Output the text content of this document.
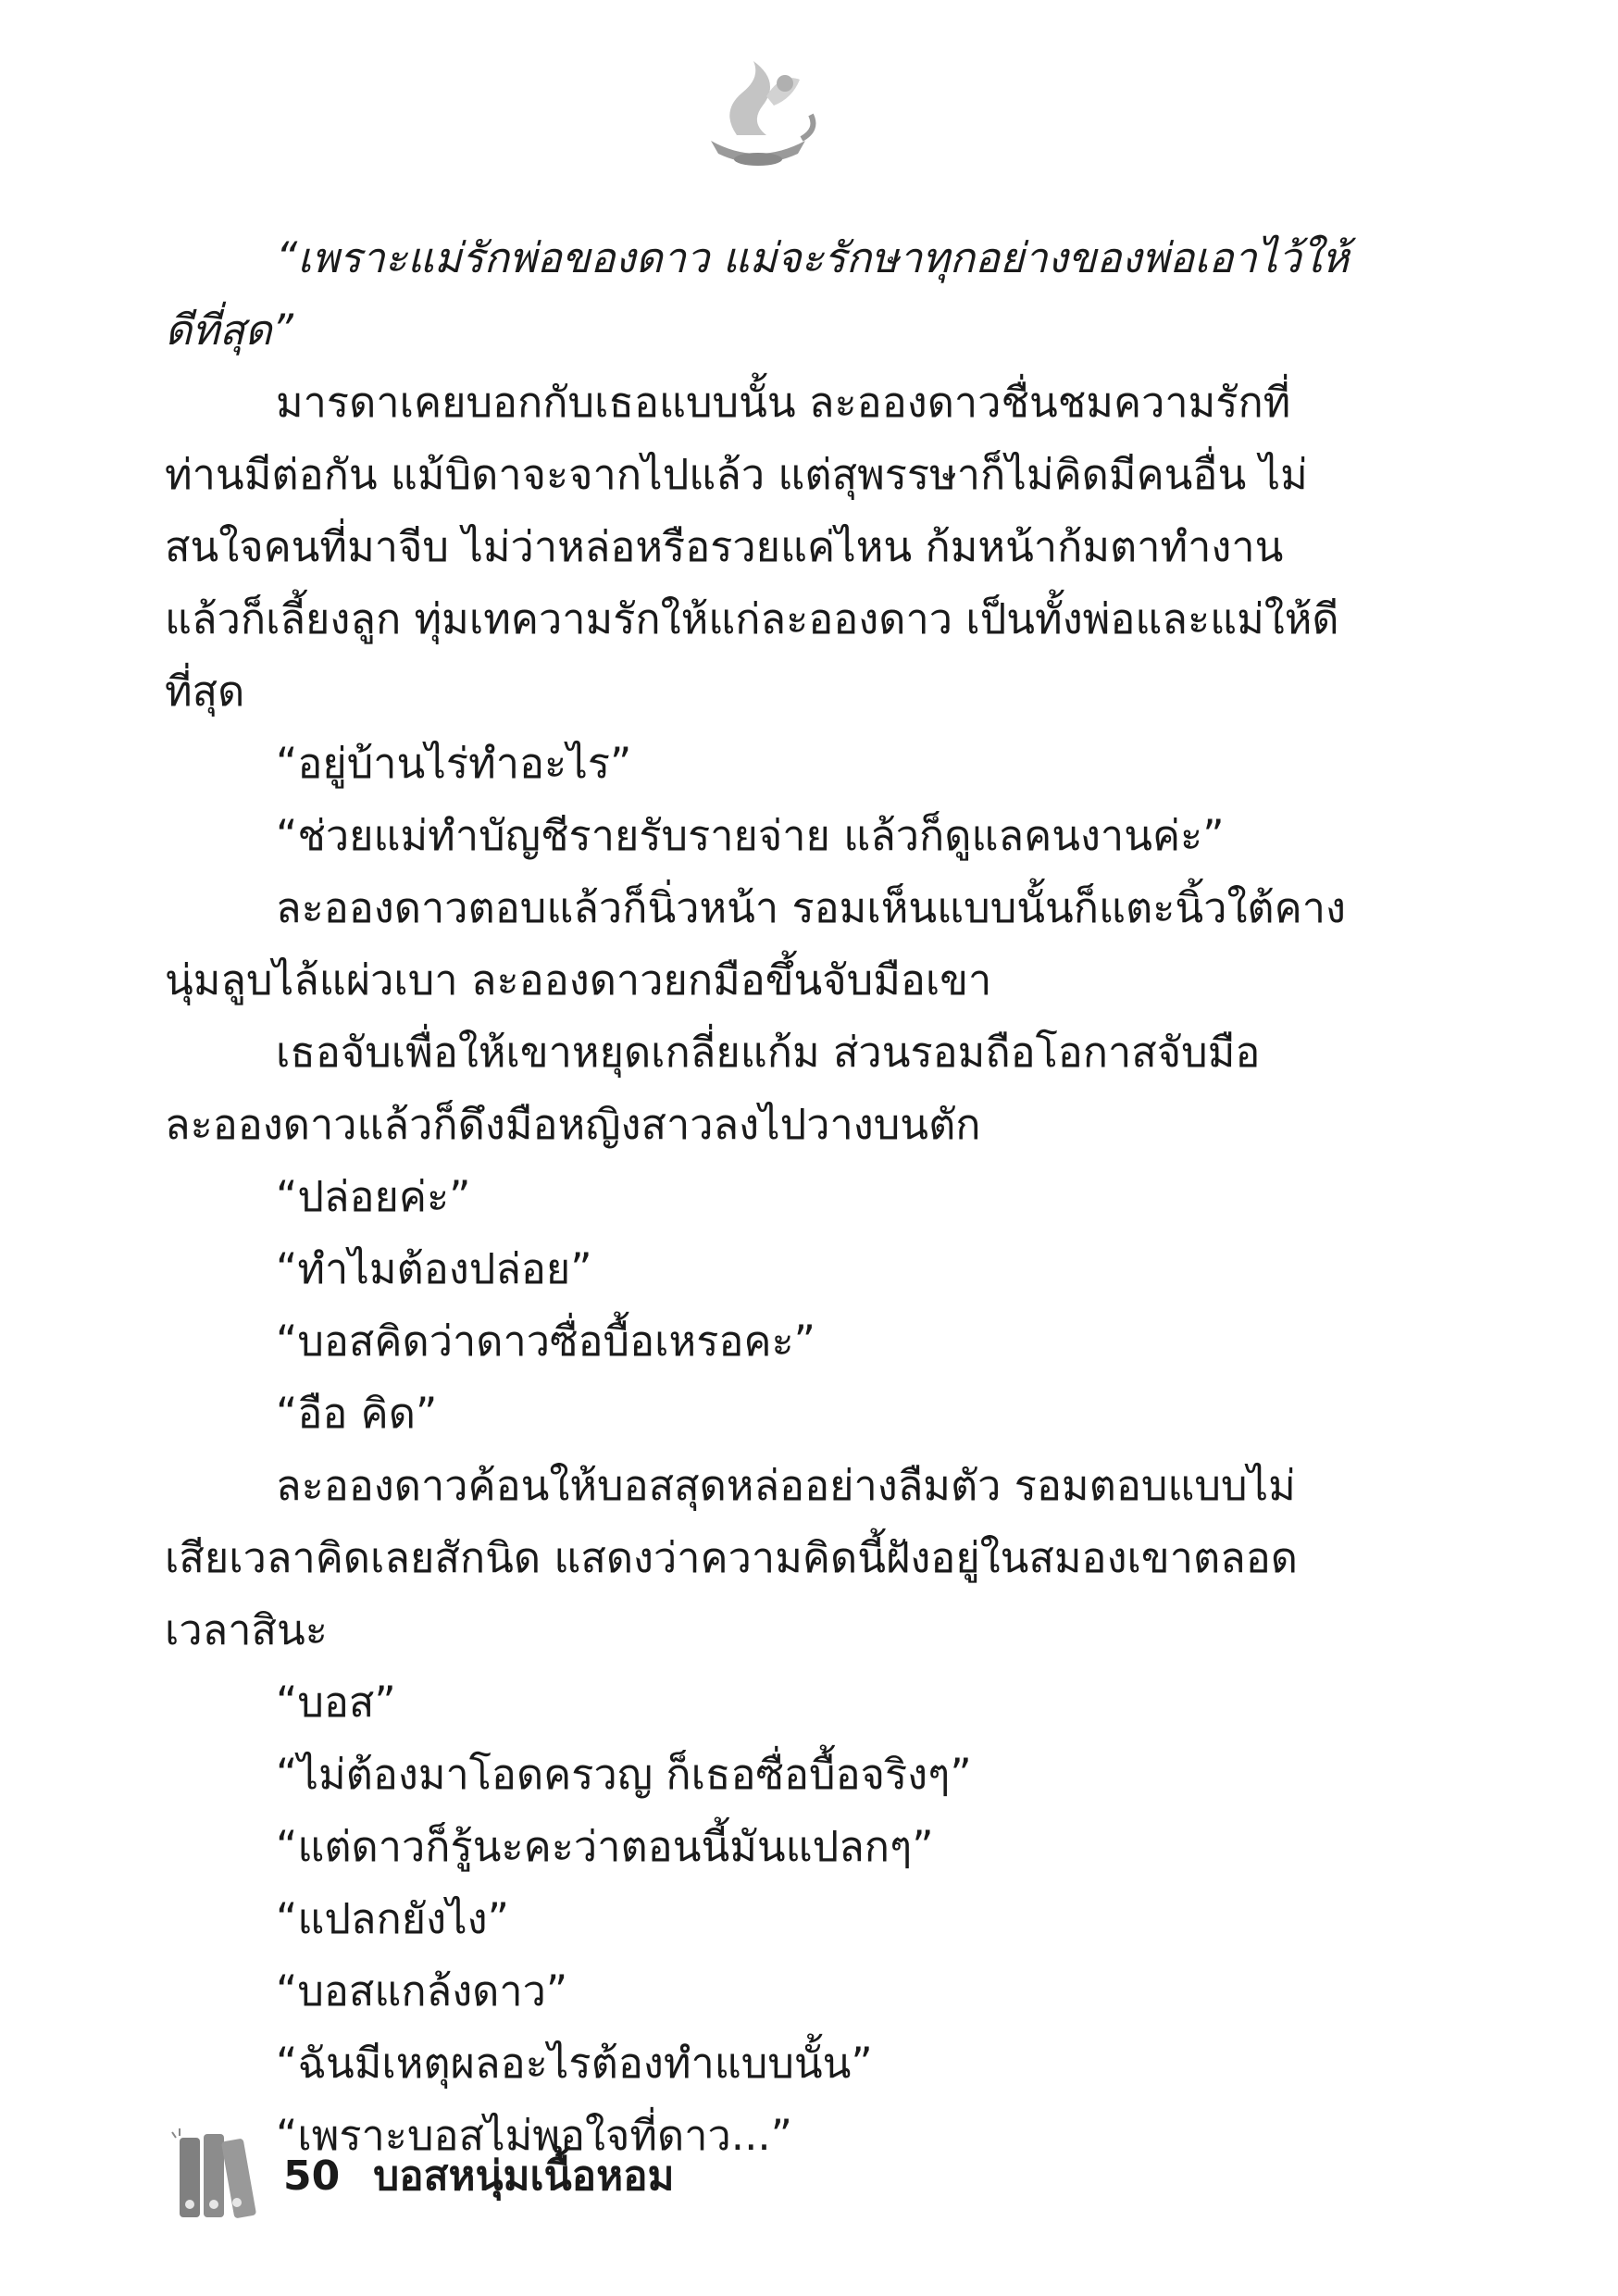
“เพราะแม่รักพ่อของดาว แม่จะรักษาทุกอย่างของพ่อเอาไว้ให้ดีที่สุด”

มารดาเคยบอกกับเธอแบบนั้น ละอองดาวชื่นชมความรักที่ท่านมีต่อกัน แม้บิดาจะจากไปแล้ว แต่สุพรรษาก็ไม่คิดมีคนอื่น ไม่สนใจคนที่มาจีบ ไม่ว่าหล่อหรือรวยแค่ไหน ก้มหน้าก้มตาทำงานแล้วก็เลี้ยงลูก ทุ่มเทความรักให้แก่ละอองดาว เป็นทั้งพ่อและแม่ให้ดีที่สุด

“อยู่บ้านไร่ทำอะไร”

“ช่วยแม่ทำบัญชีรายรับรายจ่าย แล้วก็ดูแลคนงานค่ะ”

ละอองดาวตอบแล้วก็นิ่วหน้า รอมเห็นแบบนั้นก็แตะนิ้วใต้คางนุ่มลูบไล้แผ่วเบา ละอองดาวยกมือขึ้นจับมือเขา

เธอจับเพื่อให้เขาหยุดเกลี่ยแก้ม ส่วนรอมถือโอกาสจับมือละอองดาวแล้วก็ดึงมือหญิงสาวลงไปวางบนตัก

“ปล่อยค่ะ”

“ทำไมต้องปล่อย”

“บอสคิดว่าดาวซื่อบื้อเหรอคะ”

“อือ คิด”

ละอองดาวค้อนให้บอสสุดหล่ออย่างลืมตัว รอมตอบแบบไม่เสียเวลาคิดเลยสักนิด แสดงว่าความคิดนี้ฝังอยู่ในสมองเขาตลอดเวลาสินะ

“บอส”

“ไม่ต้องมาโอดครวญ ก็เธอซื่อบื้อจริงๆ”

“แต่ดาวก็รู้นะคะว่าตอนนี้มันแปลกๆ”

“แปลกยังไง”

“บอสแกล้งดาว”

“ฉันมีเหตุผลอะไรต้องทำแบบนั้น”

“เพราะบอสไม่พอใจที่ดาว...”

50 บอสหนุ่มเนื้อหอม
